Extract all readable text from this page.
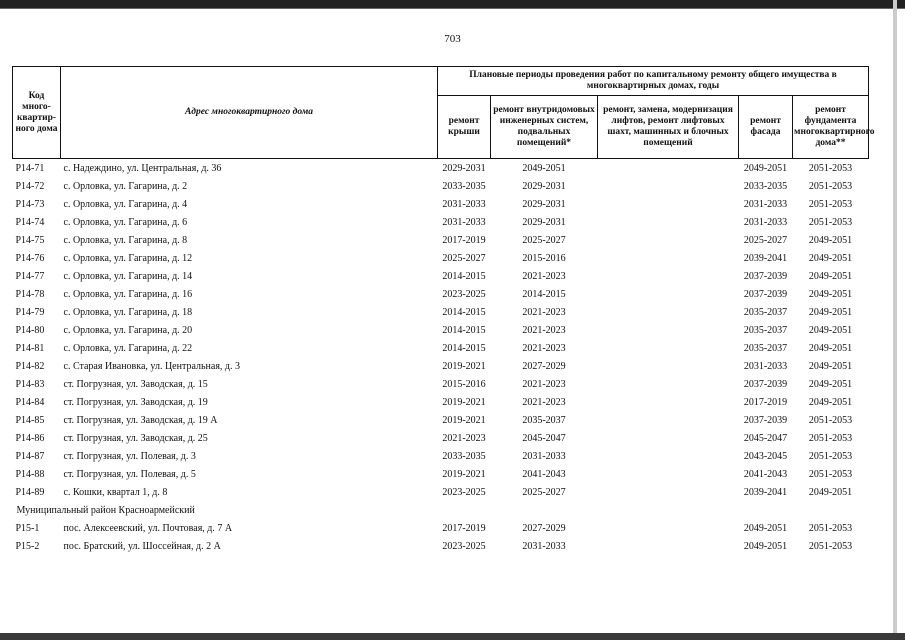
703
Код много-квартир-ного дома	Адрес многоквартирного дома	Плановые периоды проведения работ по капитальному ремонту общего имущества в многоквартирных домах, годы				
		ремонт крыши	ремонт внутридомовых инженерных систем, подвальных помещений*	ремонт, замена, модернизация лифтов, ремонт лифтовых шахт, машинных и блочных помещений	ремонт фасада	ремонт фундамента многоквартирного дома**
Р14-71	с. Надеждино, ул. Центральная, д. 36	2029-2031	2049-2051		2049-2051	2051-2053
Р14-72	с. Орловка, ул. Гагарина, д. 2	2033-2035	2029-2031		2033-2035	2051-2053
Р14-73	с. Орловка, ул. Гагарина, д. 4	2031-2033	2029-2031		2031-2033	2051-2053
Р14-74	с. Орловка, ул. Гагарина, д. 6	2031-2033	2029-2031		2031-2033	2051-2053
Р14-75	с. Орловка, ул. Гагарина, д. 8	2017-2019	2025-2027		2025-2027	2049-2051
Р14-76	с. Орловка, ул. Гагарина, д. 12	2025-2027	2015-2016		2039-2041	2049-2051
Р14-77	с. Орловка, ул. Гагарина, д. 14	2014-2015	2021-2023		2037-2039	2049-2051
Р14-78	с. Орловка, ул. Гагарина, д. 16	2023-2025	2014-2015		2037-2039	2049-2051
Р14-79	с. Орловка, ул. Гагарина, д. 18	2014-2015	2021-2023		2035-2037	2049-2051
Р14-80	с. Орловка, ул. Гагарина, д. 20	2014-2015	2021-2023		2035-2037	2049-2051
Р14-81	с. Орловка, ул. Гагарина, д. 22	2014-2015	2021-2023		2035-2037	2049-2051
Р14-82	с. Старая Ивановка, ул. Центральная, д. 3	2019-2021	2027-2029		2031-2033	2049-2051
Р14-83	ст. Погрузная, ул. Заводская, д. 15	2015-2016	2021-2023		2037-2039	2049-2051
Р14-84	ст. Погрузная, ул. Заводская, д. 19	2019-2021	2021-2023		2017-2019	2049-2051
Р14-85	ст. Погрузная, ул. Заводская, д. 19 А	2019-2021	2035-2037		2037-2039	2051-2053
Р14-86	ст. Погрузная, ул. Заводская, д. 25	2021-2023	2045-2047		2045-2047	2051-2053
Р14-87	ст. Погрузная, ул. Полевая, д. 3	2033-2035	2031-2033		2043-2045	2051-2053
Р14-88	ст. Погрузная, ул. Полевая, д. 5	2019-2021	2041-2043		2041-2043	2051-2053
Р14-89	с. Кошки, квартал 1, д. 8	2023-2025	2025-2027		2039-2041	2049-2051
Муниципальный район Красноармейский						
Р15-1	пос. Алексеевский, ул. Почтовая, д. 7 А	2017-2019	2027-2029		2049-2051	2051-2053
Р15-2	пос. Братский, ул. Шоссейная, д. 2 А	2023-2025	2031-2033		2049-2051	2051-2053
